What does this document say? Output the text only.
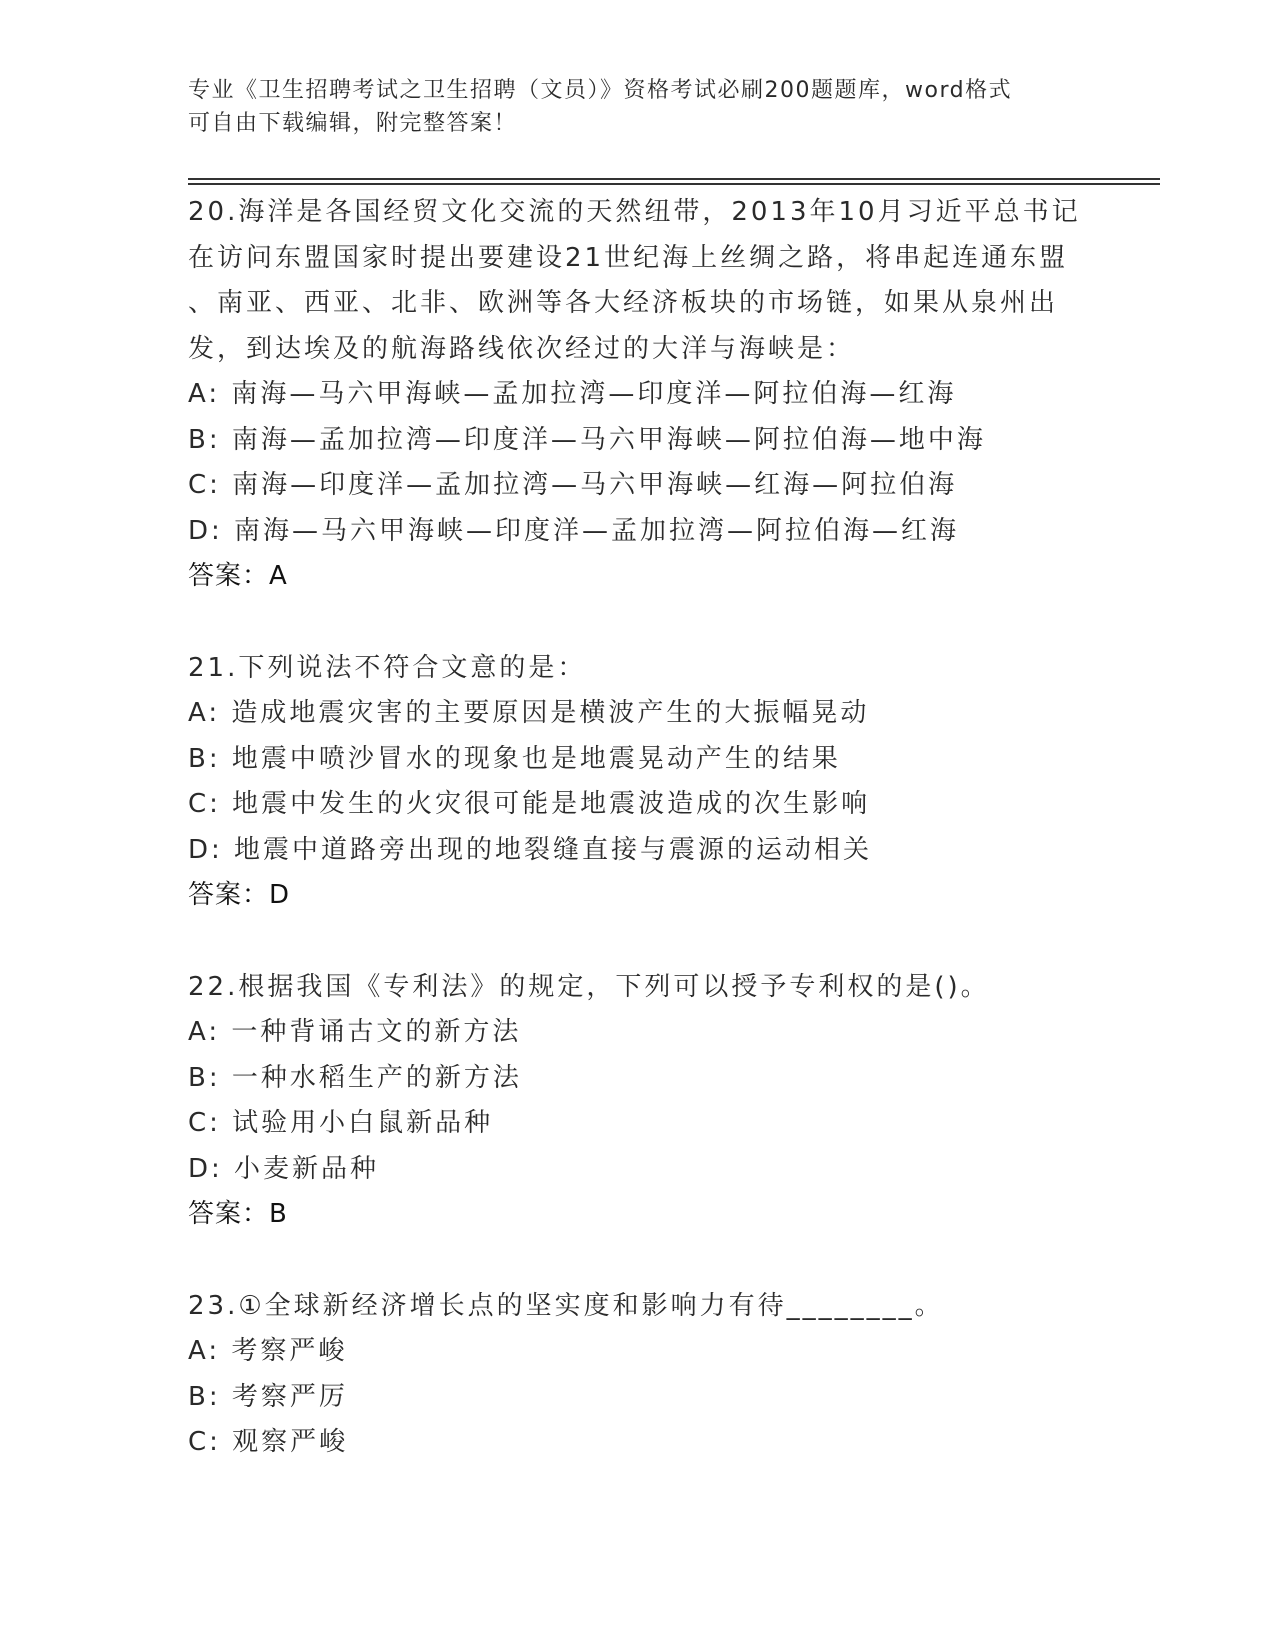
专业《卫生招聘考试之卫生招聘（文员）》资格考试必刷200题题库，word格式
可自由下载编辑，附完整答案！
20.海洋是各国经贸文化交流的天然纽带，2013年10月习近平总书记
在访问东盟国家时提出要建设21世纪海上丝绸之路，将串起连通东盟
、南亚、西亚、北非、欧洲等各大经济板块的市场链，如果从泉州出
发，到达埃及的航海路线依次经过的大洋与海峡是：
A: 南海—马六甲海峡—孟加拉湾—印度洋—阿拉伯海—红海
B: 南海—孟加拉湾—印度洋—马六甲海峡—阿拉伯海—地中海
C: 南海—印度洋—孟加拉湾—马六甲海峡—红海—阿拉伯海
D: 南海—马六甲海峡—印度洋—孟加拉湾—阿拉伯海—红海
答案：A
21.下列说法不符合文意的是：
A: 造成地震灾害的主要原因是横波产生的大振幅晃动
B: 地震中喷沙冒水的现象也是地震晃动产生的结果
C: 地震中发生的火灾很可能是地震波造成的次生影响
D: 地震中道路旁出现的地裂缝直接与震源的运动相关
答案：D
22.根据我国《专利法》的规定，下列可以授予专利权的是()。
A: 一种背诵古文的新方法
B: 一种水稻生产的新方法
C: 试验用小白鼠新品种
D: 小麦新品种
答案：B
23.①全球新经济增长点的坚实度和影响力有待________。
A: 考察严峻
B: 考察严厉
C: 观察严峻
